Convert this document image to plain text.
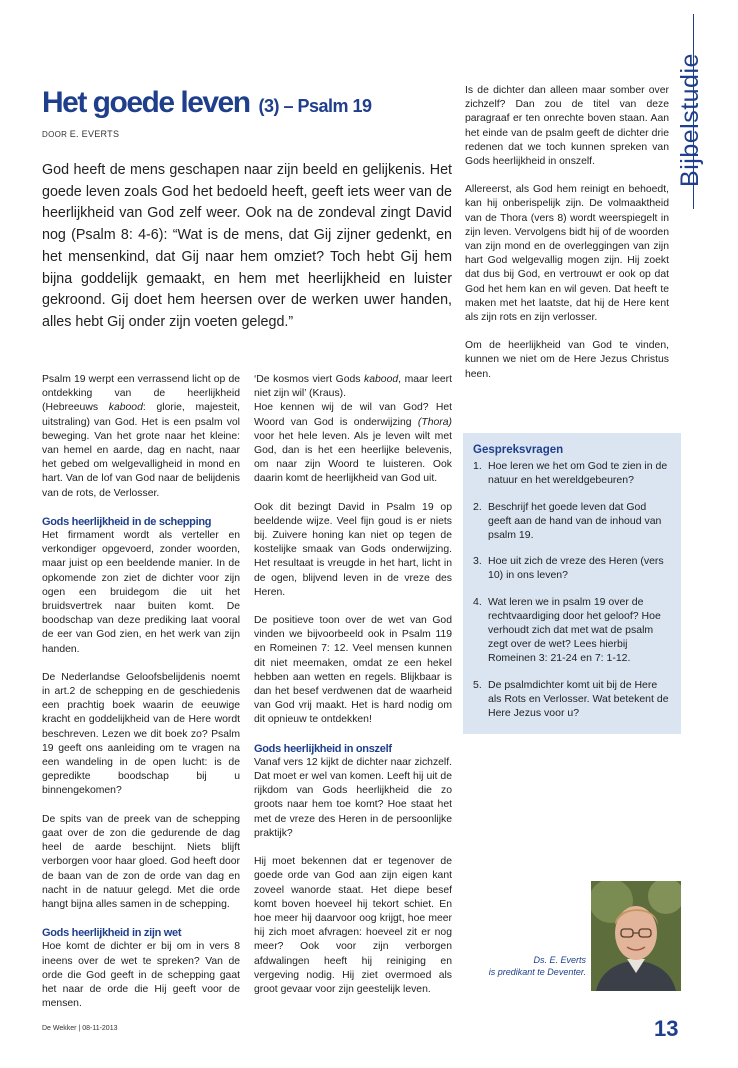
Het goede leven (3) – Psalm 19
DOOR E. EVERTS

God heeft de mens geschapen naar zijn beeld en gelijkenis. Het goede leven zoals God het bedoeld heeft, geeft iets weer van de heerlijkheid van God zelf weer. Ook na de zondeval zingt David nog (Psalm 8: 4-6): “Wat is de mens, dat Gij zijner gedenkt, en het mensenkind, dat Gij naar hem omziet? Toch hebt Gij hem bijna goddelijk gemaakt, en hem met heerlijkheid en luister gekroond. Gij doet hem heersen over de werken uwer handen, alles hebt Gij onder zijn voeten gelegd.”

Psalm 19 werpt een verrassend licht op de ontdekking van de heerlijkheid (Hebreeuws kabood: glorie, majesteit, uitstraling) van God. Het is een psalm vol beweging. Van het grote naar het kleine: van hemel en aarde, dag en nacht, naar het gebed om welgevalligheid in mond en hart. Van de lof van God naar de belijdenis van de rots, de Verlosser.

Gods heerlijkheid in de schepping

Het firmament wordt als verteller en verkondiger opgevoerd, zonder woorden, maar juist op een beeldende manier. In de opkomende zon ziet de dichter voor zijn ogen een bruidegom die uit het bruidsvertrek naar buiten komt. De boodschap van deze prediking laat vooral de eer van God zien, en het werk van zijn handen.

De Nederlandse Geloofsbelijdenis noemt in art.2 de schepping en de geschiedenis een prachtig boek waarin de eeuwige kracht en goddelijkheid van de Here wordt beschreven. Lezen we dit boek zo? Psalm 19 geeft ons aanleiding om te vragen na een wandeling in de open lucht: is de gepredikte boodschap bij u binnengekomen?

De spits van de preek van de schepping gaat over de zon die gedurende de dag heel de aarde beschijnt. Niets blijft verborgen voor haar gloed. God heeft door de baan van de zon de orde van dag en nacht in de natuur gelegd. Met die orde hangt bijna alles samen in de schepping.

Gods heerlijkheid in zijn wet

Hoe komt de dichter er bij om in vers 8 ineens over de wet te spreken? Van de orde die God geeft in de schepping gaat het naar de orde die Hij geeft voor de mensen.

‘De kosmos viert Gods kabood, maar leert niet zijn wil’ (Kraus).

Hoe kennen wij de wil van God? Het Woord van God is onderwijzing (Thora) voor het hele leven. Als je leven wilt met God, dan is het een heerlijke belevenis, om naar zijn Woord te luisteren. Ook daarin komt de heerlijkheid van God uit.

Ook dit bezingt David in Psalm 19 op beeldende wijze. Veel fijn goud is er niets bij. Zuivere honing kan niet op tegen de kostelijke smaak van Gods onderwijzing. Het resultaat is vreugde in het hart, licht in de ogen, blijvend leven in de vreze des Heren.

De positieve toon over de wet van God vinden we bijvoorbeeld ook in Psalm 119 en Romeinen 7: 12. Veel mensen kunnen dit niet meemaken, omdat ze een hekel hebben aan wetten en regels. Blijkbaar is dan het besef verdwenen dat de waarheid van God vrij maakt. Het is hard nodig om dit opnieuw te ontdekken!

Gods heerlijkheid in onszelf

Vanaf vers 12 kijkt de dichter naar zichzelf. Dat moet er wel van komen. Leeft hij uit de rijkdom van Gods heerlijkheid die zo groots naar hem toe komt? Hoe staat het met de vreze des Heren in de persoonlijke praktijk?

Hij moet bekennen dat er tegenover de goede orde van God aan zijn eigen kant zoveel wanorde staat. Het diepe besef komt boven hoeveel hij tekort schiet. En hoe meer hij daarvoor oog krijgt, hoe meer hij zich moet afvragen: hoeveel zit er nog meer? Ook voor zijn verborgen afdwalingen heeft hij reiniging en vergeving nodig. Hij ziet overmoed als groot gevaar voor zijn geestelijk leven.

Is de dichter dan alleen maar somber over zichzelf? Dan zou de titel van deze paragraaf er ten onrechte boven staan. Aan het einde van de psalm geeft de dichter drie redenen dat we toch kunnen spreken van Gods heerlijkheid in onszelf.

Allereerst, als God hem reinigt en behoedt, kan hij onberispelijk zijn. De volmaaktheid van de Thora (vers 8) wordt weerspiegelt in zijn leven. Vervolgens bidt hij of de woorden van zijn mond en de overleggingen van zijn hart God welgevallig mogen zijn. Hij zoekt dat dus bij God, en vertrouwt er ook op dat God het hem kan en wil geven. Dat heeft te maken met het laatste, dat hij de Here kent als zijn rots en zijn verlosser.

Om de heerlijkheid van God te vinden, kunnen we niet om de Here Jezus Christus heen.

Bijbelstudie
Gespreksvragen
1. Hoe leren we het om God te zien in de natuur en het wereldgebeuren?
2. Beschrijf het goede leven dat God geeft aan de hand van de inhoud van psalm 19.
3. Hoe uit zich de vreze des Heren (vers 10) in ons leven?
4. Wat leren we in psalm 19 over de rechtvaardiging door het geloof? Hoe verhoudt zich dat met wat de psalm zegt over de wet? Lees hierbij Romeinen 3: 21-24 en 7: 1-12.
5. De psalmdichter komt uit bij de Here als Rots en Verlosser. Wat betekent de Here Jezus voor u?
Ds. E. Everts
is predikant te Deventer.
De Wekker | 08-11-2013	13
